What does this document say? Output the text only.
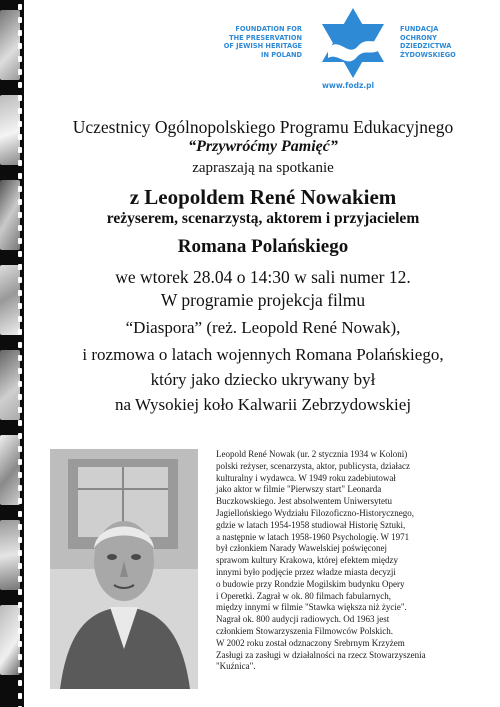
FOUNDATION FOR
THE PRESERVATION
OF JEWISH HERITAGE
IN POLAND
FUNDACJA
OCHRONY
DZIEDZICTWA
ŻYDOWSKIEGO
www.fodz.pl
Uczestnicy Ogólnopolskiego Programu Edukacyjnego
“Przywróćmy Pamięć”
zapraszają na spotkanie
z Leopoldem René Nowakiem
reżyserem, scenarzystą, aktorem i przyjacielem
Romana Polańskiego
we wtorek 28.04 o 14:30 w sali numer 12.
W programie projekcja filmu
“Diaspora” (reż. Leopold René Nowak),
i rozmowa o latach wojennych Romana Polańskiego,
który jako dziecko ukrywany był
na Wysokiej koło Kalwarii Zebrzydowskiej
Leopold René Nowak (ur. 2 stycznia 1934 w Koloni)
polski reżyser, scenarzysta, aktor, publicysta, działacz
kulturalny i wydawca. W 1949 roku zadebiutował
jako aktor w filmie "Pierwszy start" Leonarda
Buczkowskiego. Jest absolwentem Uniwersytetu
Jagiellońskiego Wydziału Filozoficzno-Historycznego,
gdzie w latach 1954-1958 studiował Historię Sztuki,
a następnie w latach 1958-1960 Psychologię. W 1971
był członkiem Narady Wawelskiej poświęconej
sprawom kultury Krakowa, której efektem między
innymi było podjęcie przez władze miasta decyzji
o budowie przy Rondzie Mogilskim budynku Opery
i Operetki. Zagrał w ok. 80 filmach fabularnych,
między innymi w filmie "Stawka większa niż życie".
Nagrał ok. 800 audycji radiowych. Od 1963 jest
członkiem Stowarzyszenia Filmowców Polskich.
W 2002 roku został odznaczony Srebrnym Krzyżem
Zasługi za zasługi w działalności na rzecz Stowarzyszenia
"Kuźnica".
